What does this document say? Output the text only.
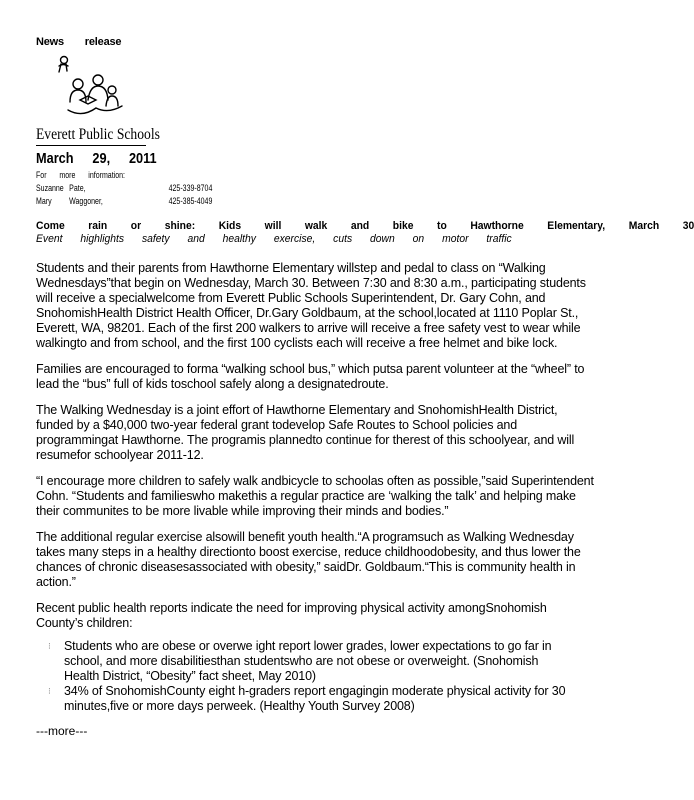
News release
Everett Public Schools
March 29, 2011
For more information:
Suzanne Pate,	425-339-8704
Mary Waggoner,	425-385-4049
Come rain or shine: Kids will walk and bike to Hawthorne Elementary, March 30
Event highlights safety and healthy exercise, cuts down on motor traffic
Students and their parents from Hawthorne Elementary willstep and pedal to class on “Walking Wednesdays”that begin on Wednesday, March 30. Between 7:30 and 8:30 a.m., participating students will receive a specialwelcome from Everett Public Schools Superintendent, Dr. Gary Cohn, and SnohomishHealth District Health Officer, Dr.Gary Goldbaum, at the school,located at 1110 Poplar St., Everett, WA, 98201. Each of the first 200 walkers to arrive will receive a free safety vest to wear while walkingto and from school, and the first 100 cyclists each will receive a free helmet and bike lock.
Families are encouraged to forma “walking school bus,” which putsa parent volunteer at the “wheel” to lead the “bus” full of kids toschool safely along a designatedroute.
The Walking Wednesday is a joint effort of Hawthorne Elementary and SnohomishHealth District, funded by a $40,000 two-year federal grant todevelop Safe Routes to School policies and programmingat Hawthorne. The programis plannedto continue for therest of this schoolyear, and will resumefor schoolyear 2011-12.
“I encourage more children to safely walk andbicycle to schoolas often as possible,”said Superintendent Cohn. “Students and familieswho makethis a regular practice are ‘walking the talk’ and helping make their communites to be more livable while improving their minds and bodies.”
The additional regular exercise alsowill benefit youth health.“A programsuch as Walking Wednesday takes many steps in a healthy directionto boost exercise, reduce childhoodobesity, and thus lower the chances of chronic diseasesassociated with obesity,” saidDr. Goldbaum.“This is community health in action.”
Recent public health reports indicate the need for improving physical activity amongSnohomish County’s children:
⁝ Students who are obese or overwe ight report lower grades, lower expectations to go far in school, and more disabilitiesthan studentswho are not obese or overweight. (Snohomish Health District, “Obesity” fact sheet, May 2010)
⁝ 34% of SnohomishCounty eight h-graders report engagingin moderate physical activity for 30 minutes,five or more days perweek. (Healthy Youth Survey 2008)
---more---
